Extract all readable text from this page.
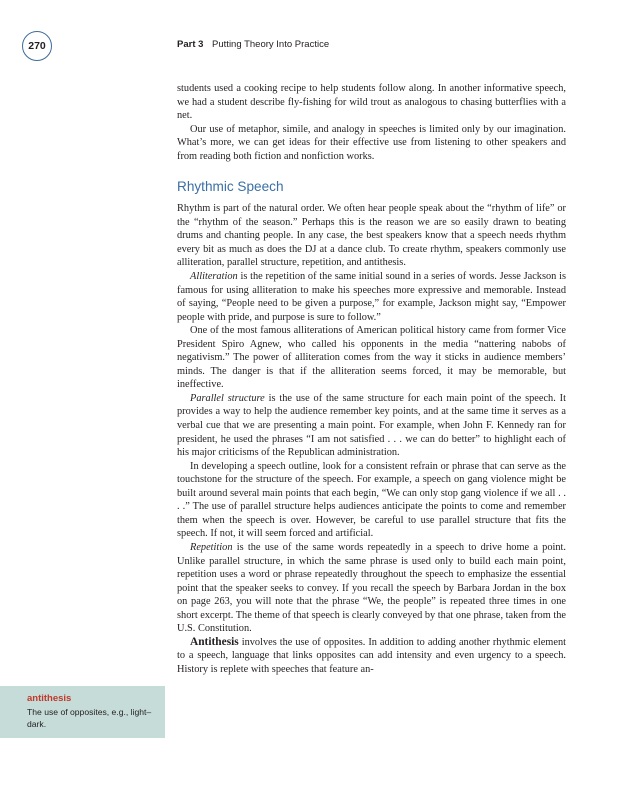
270	Part 3 Putting Theory Into Practice

students used a cooking recipe to help students follow along. In another informative speech, we had a student describe fly-fishing for wild trout as analogous to chasing butterflies with a net.

Our use of metaphor, simile, and analogy in speeches is limited only by our imagination. What’s more, we can get ideas for their effective use from listening to other speakers and from reading both fiction and nonfiction works.

Rhythmic Speech

Rhythm is part of the natural order. We often hear people speak about the “rhythm of life” or the “rhythm of the season.” Perhaps this is the reason we are so easily drawn to beating drums and chanting people. In any case, the best speakers know that a speech needs rhythm every bit as much as does the DJ at a dance club. To create rhythm, speakers commonly use alliteration, parallel structure, repetition, and antithesis.

Alliteration is the repetition of the same initial sound in a series of words. Jesse Jackson is famous for using alliteration to make his speeches more expressive and memorable. Instead of saying, “People need to be given a purpose,” for example, Jackson might say, “Empower people with pride, and purpose is sure to follow.”

One of the most famous alliterations of American political history came from former Vice President Spiro Agnew, who called his opponents in the media “nattering nabobs of negativism.” The power of alliteration comes from the way it sticks in audience members’ minds. The danger is that if the alliteration seems forced, it may be memorable, but ineffective.

Parallel structure is the use of the same structure for each main point of the speech. It provides a way to help the audience remember key points, and at the same time it serves as a verbal cue that we are presenting a main point. For example, when John F. Kennedy ran for president, he used the phrases “I am not satisfied . . . we can do better” to highlight each of his major criticisms of the Republican administration.

In developing a speech outline, look for a consistent refrain or phrase that can serve as the touchstone for the structure of the speech. For example, a speech on gang violence might be built around several main points that each begin, “We can only stop gang violence if we all . . . .” The use of parallel structure helps audiences anticipate the points to come and remember them when the speech is over. However, be careful to use parallel structure that fits the speech. If not, it will seem forced and artificial.

Repetition is the use of the same words repeatedly in a speech to drive home a point. Unlike parallel structure, in which the same phrase is used only to build each main point, repetition uses a word or phrase repeatedly throughout the speech to emphasize the essential point that the speaker seeks to convey. If you recall the speech by Barbara Jordan in the box on page 263, you will note that the phrase “We, the people” is repeated three times in one short excerpt. The theme of that speech is clearly conveyed by that one phrase, taken from the U.S. Constitution.

Antithesis involves the use of opposites. In addition to adding another rhythmic element to a speech, language that links opposites can add intensity and even urgency to a speech. History is replete with speeches that feature an-

antithesis
The use of opposites, e.g., light–dark.
